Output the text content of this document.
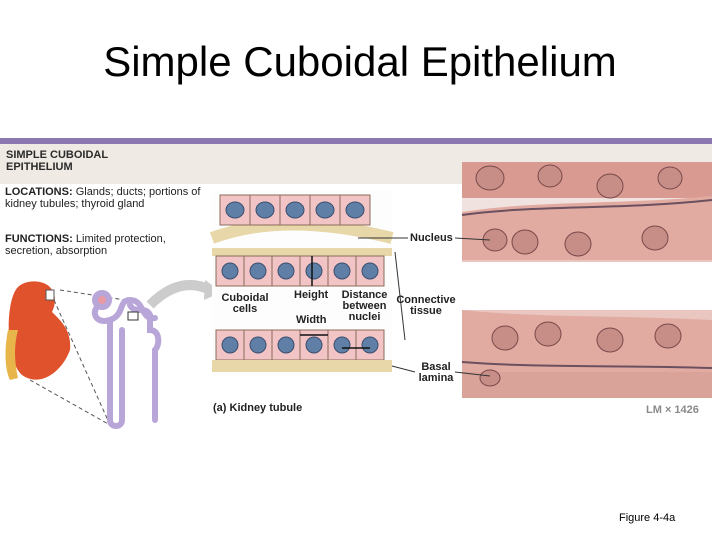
Simple Cuboidal Epithelium
SIMPLE CUBOIDAL EPITHELIUM
LOCATIONS: Glands; ducts; portions of kidney tubules; thyroid gland
FUNCTIONS: Limited protection, secretion, absorption
Nucleus
Cuboidal cells
Height
Width
Distance between nuclei
Connective tissue
Basal lamina
(a) Kidney tubule	LM × 1426
Figure 4-4a
